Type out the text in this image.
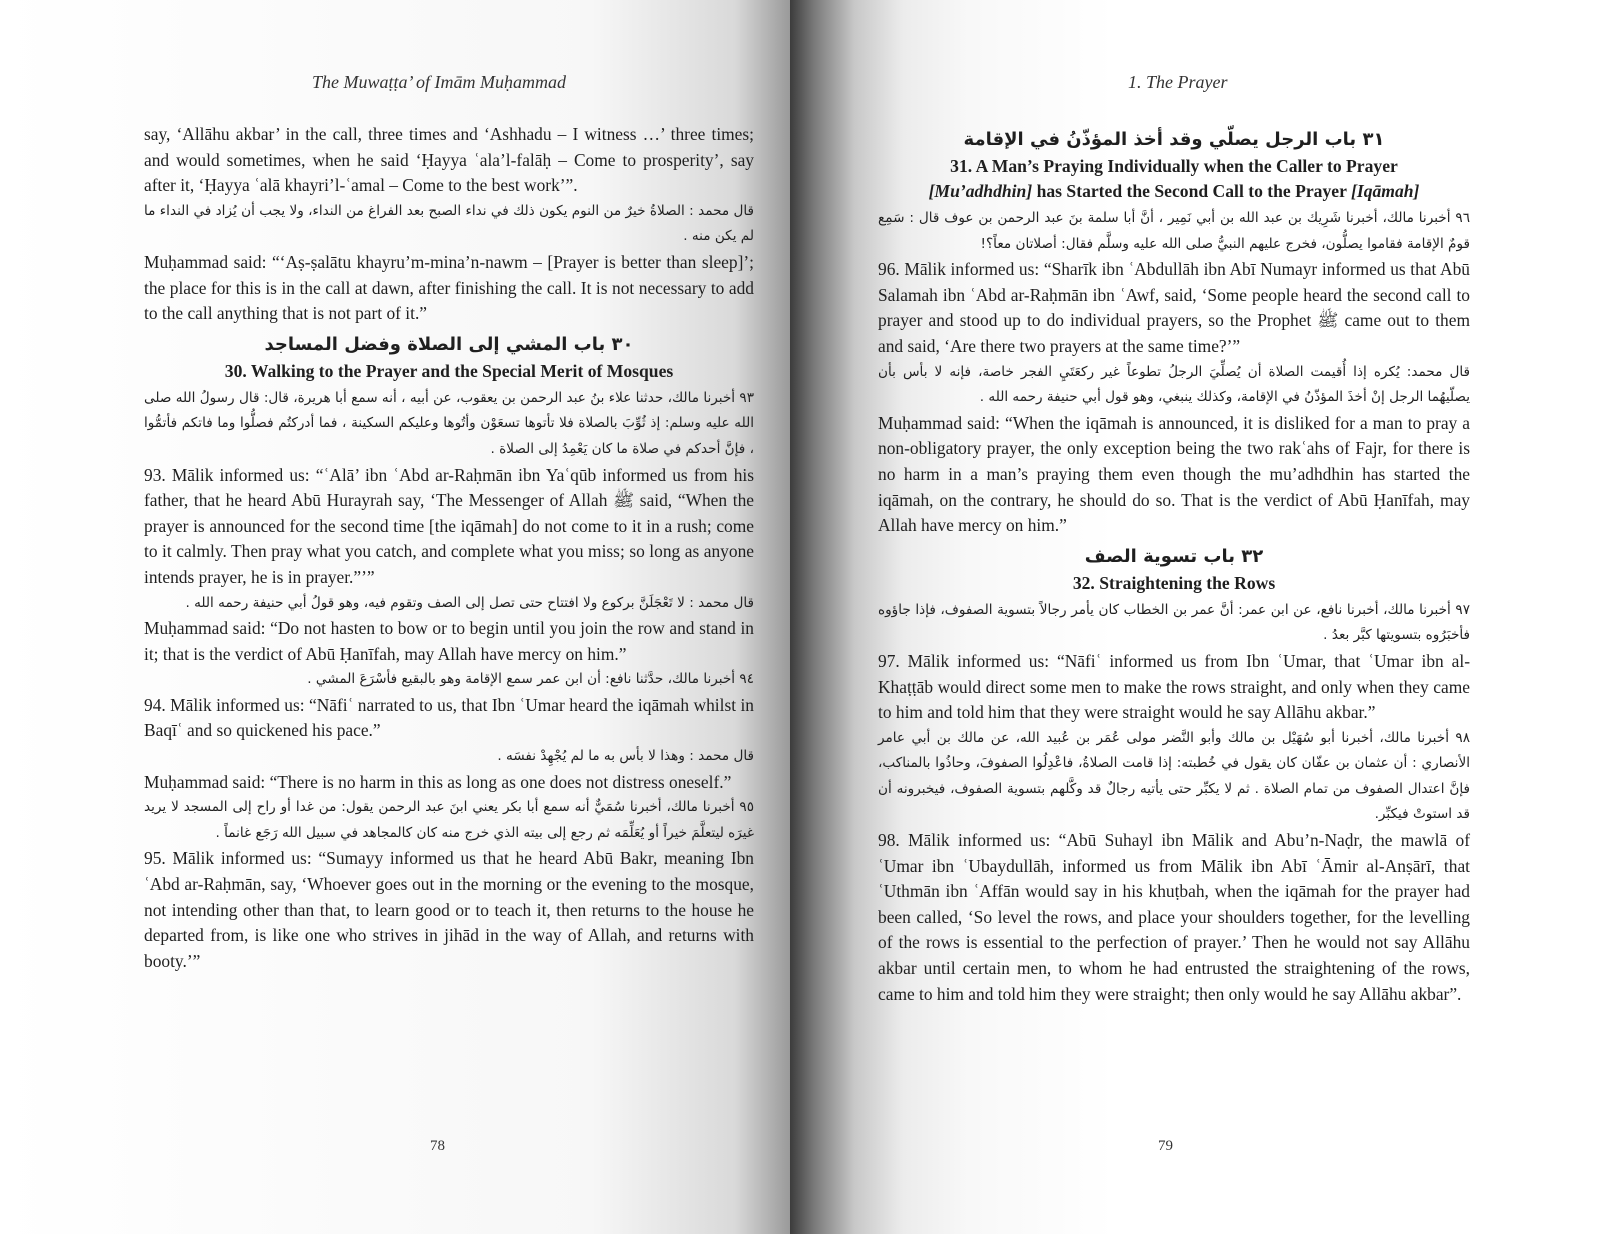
The Muwaṭṭa’ of Imām Muḥammad

say, ‘Allāhu akbar’ in the call, three times and ‘Ashhadu – I witness …’ three times; and would sometimes, when he said ‘Ḥayya ʿala’l-falāḥ – Come to prosperity’, say after it, ‘Ḥayya ʿalā khayri’l-ʿamal – Come to the best work’”.

قال محمد : الصلاةُ خيرٌ من النوم يكون ذلك في نداء الصبح بعد الفراغ من النداء، ولا يجب أن يُزاد في النداء ما لم يكن منه .

Muḥammad said: “‘Aṣ-ṣalātu khayru’m-mina’n-nawm – [Prayer is better than sleep]’; the place for this is in the call at dawn, after finishing the call. It is not necessary to add to the call anything that is not part of it.”

٣٠ باب المشي إلى الصلاة وفضل المساجد
30. Walking to the Prayer and the Special Merit of Mosques

٩٣ أخبرنا مالك، حدثنا علاء بنُ عبد الرحمن بن يعقوب، عن أبيه ، أنه سمع أبا هريرة، قال: قال رسولُ الله صلى الله عليه وسلم: إذ ثُوِّبَ بالصلاة فلا تأتوها تسعَوْن وأتُوها وعليكم السكينة ، فما أدركتُم فصلُّوا وما فاتكم فأتمُّوا ، فإنَّ أحدكم في صلاة ما كان يَعْمِدُ إلى الصلاة .

93. Mālik informed us: “ʿAlā’ ibn ʿAbd ar-Raḥmān ibn Yaʿqūb informed us from his father, that he heard Abū Hurayrah say, ‘The Messenger of Allah ﷺ said, “When the prayer is announced for the second time [the iqāmah] do not come to it in a rush; come to it calmly. Then pray what you catch, and complete what you miss; so long as anyone intends prayer, he is in prayer.”’”

قال محمد : لا تَعْجَلَنَّ بركوع ولا افتتاح حتى تصل إلى الصف وتقوم فيه، وهو قولُ أبي حنيفة رحمه الله .

Muḥammad said: “Do not hasten to bow or to begin until you join the row and stand in it; that is the verdict of Abū Ḥanīfah, may Allah have mercy on him.”

٩٤ أخبرنا مالك، حدَّثنا نافع: أن ابن عمر سمع الإقامة وهو بالبقيع فأسْرَعَ المشي .

94. Mālik informed us: “Nāfiʿ narrated to us, that Ibn ʿUmar heard the iqāmah whilst in Baqīʿ and so quickened his pace.”

قال محمد : وهذا لا بأس به ما لم يُجْهِدْ نفسَه .

Muḥammad said: “There is no harm in this as long as one does not distress oneself.”

٩٥ أخبرنا مالك، أخبرنا سُمَيٌّ أنه سمع أبا بكر يعني ابنَ عبد الرحمن يقول: من غدا أو راح إلى المسجد لا يريد غيرَه ليتعلَّمَ خيراً أو يُعَلِّمَه ثم رجع إلى بيته الذي خرج منه كان كالمجاهد في سبيل الله رَجَع غانماً .

95. Mālik informed us: “Sumayy informed us that he heard Abū Bakr, meaning Ibn ʿAbd ar-Raḥmān, say, ‘Whoever goes out in the morning or the evening to the mosque, not intending other than that, to learn good or to teach it, then returns to the house he departed from, is like one who strives in jihād in the way of Allah, and returns with booty.’”

78
1. The Prayer
٣١ باب الرجل يصلّي وقد أخذ المؤذّنُ في الإقامة
31. A Man’s Praying Individually when the Caller to Prayer
[Mu’adhdhin] has Started the Second Call to the Prayer [Iqāmah]

٩٦ أخبرنا مالك، أخبرنا شَرِيك بن عبد الله بن أبي نَمِير ، أنَّ أبا سلمة بنَ عبد الرحمن بن عوف قال : سَمِع قومٌ الإقامة فقاموا يصلُّون، فخرج عليهم النبيُّ صلى الله عليه وسلَّم فقال: أصلاتان معاً؟!

96. Mālik informed us: “Sharīk ibn ʿAbdullāh ibn Abī Numayr informed us that Abū Salamah ibn ʿAbd ar-Raḥmān ibn ʿAwf, said, ‘Some people heard the second call to prayer and stood up to do individual prayers, so the Prophet ﷺ came out to them and said, ‘Are there two prayers at the same time?’”

قال محمد: يُكره إذا أُقيمت الصلاة أن يُصلِّيَ الرجلُ تطوعاً غير ركعَتَيِ الفجر خاصة، فإنه لا بأس بأن يصلّيهُما الرجل إنْ أخذَ المؤذّنُ في الإقامة، وكذلك ينبغي، وهو قول أبي حنيفة رحمه الله .

Muḥammad said: “When the iqāmah is announced, it is disliked for a man to pray a non-obligatory prayer, the only exception being the two rakʿahs of Fajr, for there is no harm in a man’s praying them even though the mu’adhdhin has started the iqāmah, on the contrary, he should do so. That is the verdict of Abū Ḥanīfah, may Allah have mercy on him.”

٣٢ باب تسوية الصف
32. Straightening the Rows

٩٧ أخبرنا مالك، أخبرنا نافع، عن ابن عمر: أنَّ عمر بن الخطاب كان يأمر رجالاً بتسوية الصفوف، فإذا جاؤوه فأخبَرُوه بتسويتها كبَّر بعدُ .

97. Mālik informed us: “Nāfiʿ informed us from Ibn ʿUmar, that ʿUmar ibn al-Khaṭṭāb would direct some men to make the rows straight, and only when they came to him and told him that they were straight would he say Allāhu akbar.”

٩٨ أخبرنا مالك، أخبرنا أبو سُهَيْل بن مالك وأبو النَّضر مولى عُمَر بن عُبيد الله، عن مالك بن أبي عامر الأنصاري : أن عثمان بن عفّان كان يقول في خُطبته: إذا قامت الصلاةُ، فاعْدِلُوا الصفوفَ، وحاذُوا بالمناكب، فإنَّ اعتدال الصفوف من تمام الصلاة . ثم لا يكبِّر حتى يأتيه رجالٌ قد وكَّلهم بتسوية الصفوف، فيخبرونه أن قد استوتْ فيكبِّر.

98. Mālik informed us: “Abū Suhayl ibn Mālik and Abu’n-Naḍr, the mawlā of ʿUmar ibn ʿUbaydullāh, informed us from Mālik ibn Abī ʿĀmir al-Anṣārī, that ʿUthmān ibn ʿAffān would say in his khuṭbah, when the iqāmah for the prayer had been called, ‘So level the rows, and place your shoulders together, for the levelling of the rows is essential to the perfection of prayer.’ Then he would not say Allāhu akbar until certain men, to whom he had entrusted the straightening of the rows, came to him and told him they were straight; then only would he say Allāhu akbar”.

79
